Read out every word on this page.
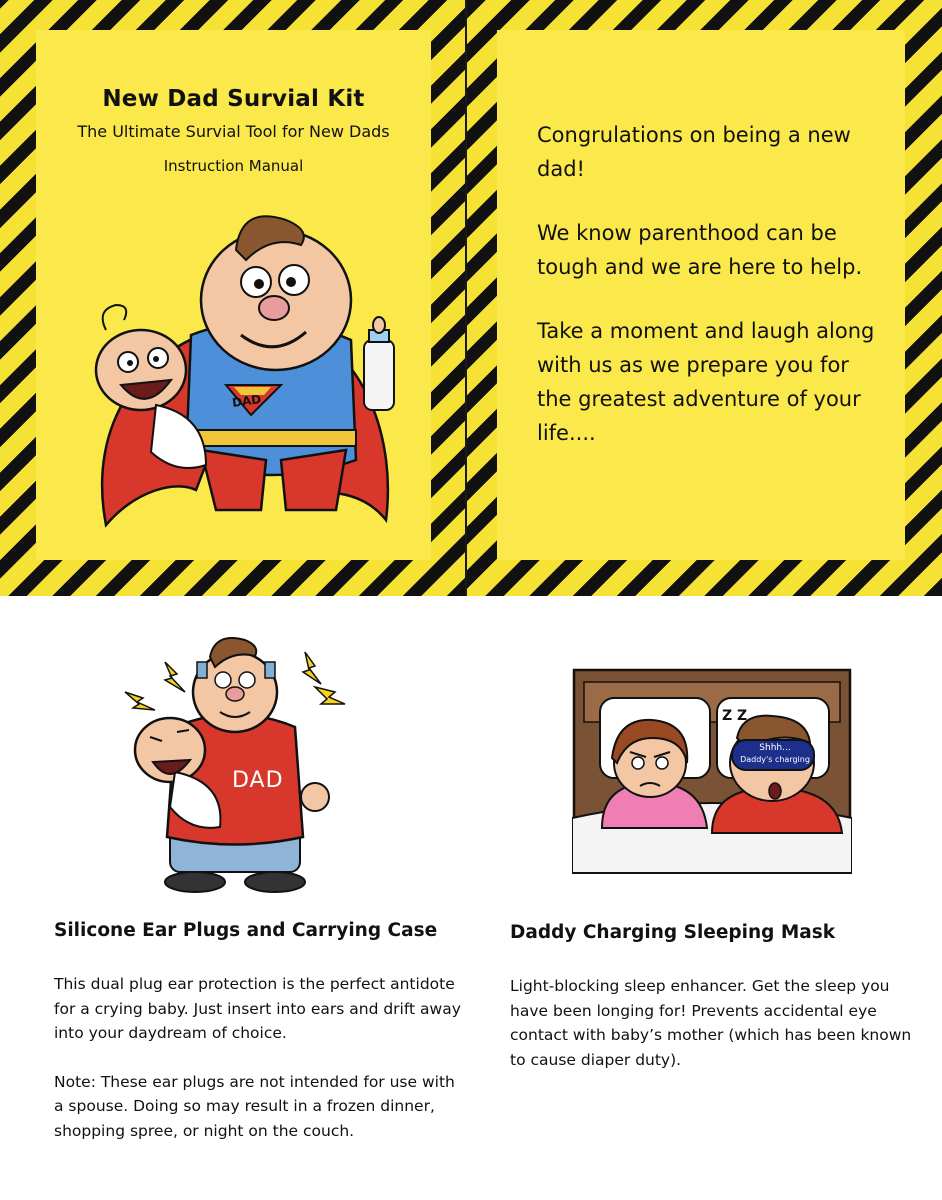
New Dad Survial Kit
The Ultimate Survial Tool for New Dads
Instruction Manual
DAD

Congrulations on being a new dad!

We know parenthood can be tough and we are here to help.

Take a moment and laugh along with us as we prepare you for the greatest adventure of your life....

DAD
Silicone Ear Plugs and Carrying Case

This dual plug ear protection is the perfect antidote for a crying baby. Just insert into ears and drift away into your daydream of choice.

Note: These ear plugs are not intended for use with a spouse. Doing so may result in a frozen dinner, shopping spree, or night on the couch.

Z Z
Shhh...
Daddy's charging
Daddy Charging Sleeping Mask

Light-blocking sleep enhancer. Get the sleep you have been longing for! Prevents accidental eye contact with baby’s mother (which has been known to cause diaper duty).
